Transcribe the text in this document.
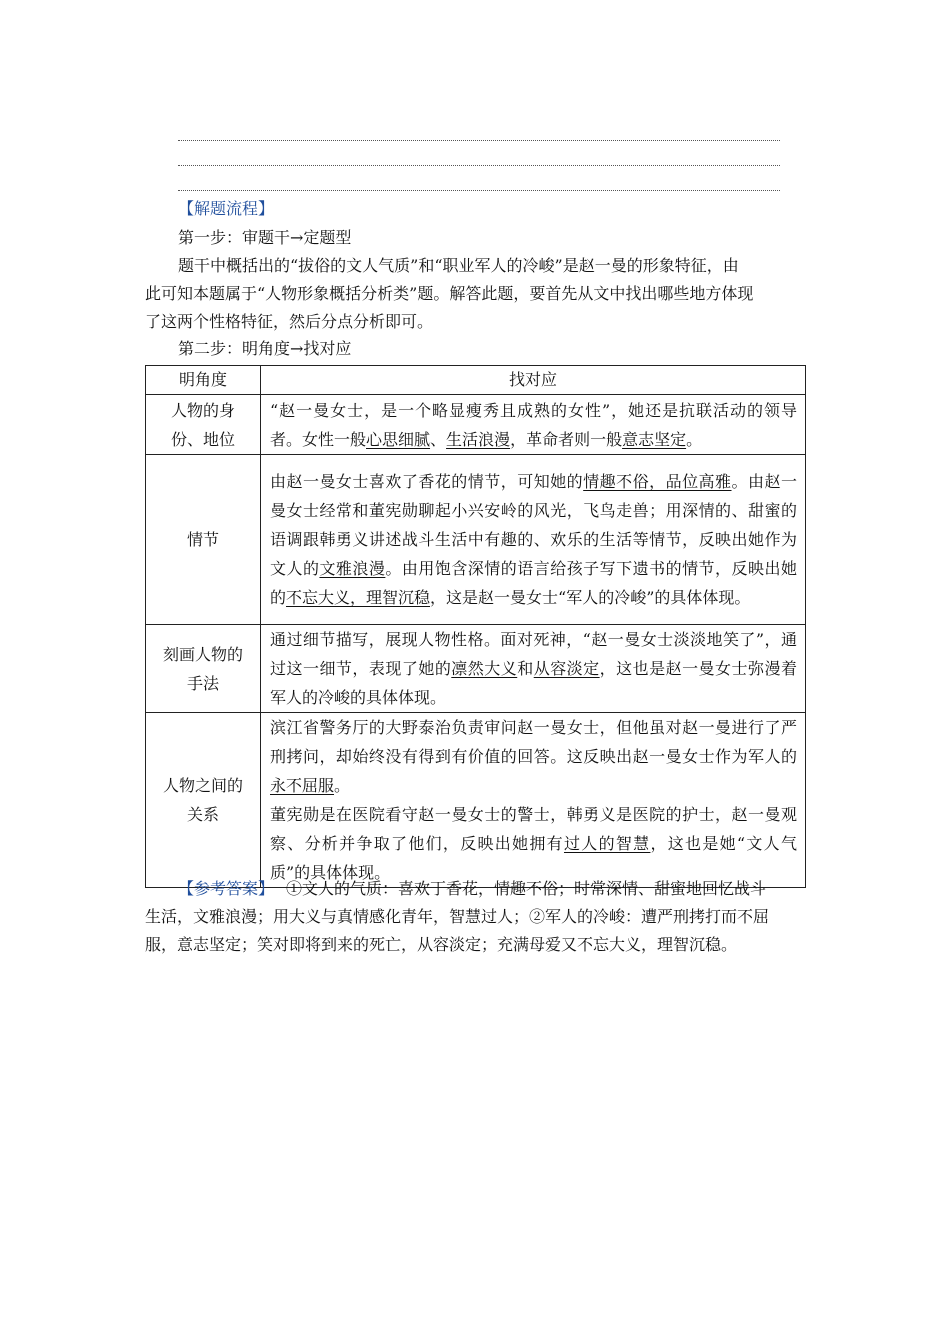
【解题流程】
第一步：审题干→定题型
题干中概括出的“拔俗的文人气质”和“职业军人的冷峻”是赵一曼的形象特征，由
此可知本题属于“人物形象概括分析类”题。解答此题，要首先从文中找出哪些地方体现
了这两个性格特征，然后分点分析即可。
第二步：明角度→找对应
明角度	找对应
人物的身
份、地位	“赵一曼女士，是一个略显瘦秀且成熟的女性”，她还是抗联活动的领导者。女性一般心思细腻、生活浪漫，革命者则一般意志坚定。
情节	由赵一曼女士喜欢了香花的情节，可知她的情趣不俗，品位高雅。由赵一曼女士经常和董宪勋聊起小兴安岭的风光，飞鸟走兽；用深情的、甜蜜的语调跟韩勇义讲述战斗生活中有趣的、欢乐的生活等情节，反映出她作为文人的文雅浪漫。由用饱含深情的语言给孩子写下遗书的情节，反映出她的不忘大义，理智沉稳，这是赵一曼女士“军人的冷峻”的具体体现。
刻画人物的
手法	通过细节描写，展现人物性格。面对死神，“赵一曼女士淡淡地笑了”，通过这一细节，表现了她的凛然大义和从容淡定，这也是赵一曼女士弥漫着军人的冷峻的具体体现。
人物之间的
关系	滨江省警务厅的大野泰治负责审问赵一曼女士，但他虽对赵一曼进行了严刑拷问，却始终没有得到有价值的回答。这反映出赵一曼女士作为军人的永不屈服。
董宪勋是在医院看守赵一曼女士的警士，韩勇义是医院的护士，赵一曼观察、分析并争取了他们，反映出她拥有过人的智慧，这也是她“文人气质”的具体体现。
【参考答案】 ①文人的气质：喜欢丁香花，情趣不俗；时常深情、甜蜜地回忆战斗
生活，文雅浪漫；用大义与真情感化青年，智慧过人；②军人的冷峻：遭严刑拷打而不屈
服，意志坚定；笑对即将到来的死亡，从容淡定；充满母爱又不忘大义，理智沉稳。
